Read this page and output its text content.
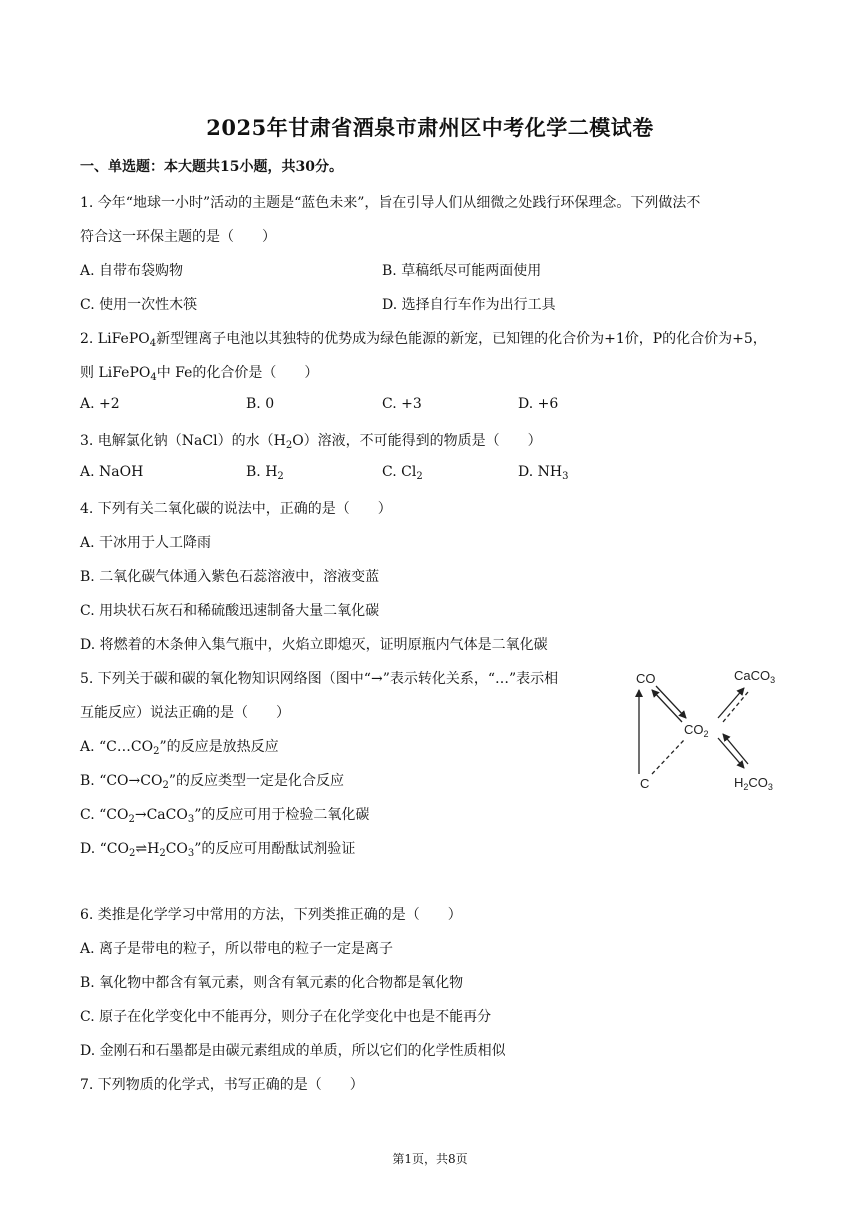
2025年甘肃省酒泉市肃州区中考化学二模试卷
一、单选题：本大题共15小题，共30分。
1. 今年“地球一小时”活动的主题是“蓝色未来”，旨在引导人们从细微之处践行环保理念。下列做法不
符合这一环保主题的是（　　）
A. 自带布袋购物	B. 草稿纸尽可能两面使用
C. 使用一次性木筷	D. 选择自行车作为出行工具
2. LiFePO$_4$新型锂离子电池以其独特的优势成为绿色能源的新宠，已知锂的化合价为+1价，P的化合价为+5，
则 LiFePO$_4$中 Fe的化合价是（　　）
A. +2	B. 0	C. +3	D. +6
3. 电解氯化钠（NaCl）的水$(H_2O)$溶液，不可能得到的物质是（　　）
A. NaOH	B. $H_2$	C. $Cl_2$	D. $NH_3$
4. 下列有关二氧化碳的说法中，正确的是（　　）
A. 干冰用于人工降雨
B. 二氧化碳气体通入紫色石蕊溶液中，溶液变蓝
C. 用块状石灰石和稀硫酸迅速制备大量二氧化碳
D. 将燃着的木条伸入集气瓶中，火焰立即熄灭，证明原瓶内气体是二氧化碳
5. 下列关于碳和碳的氧化物知识网络图（图中“→”表示转化关系，“…”表示相
互能反应）说法正确的是（　　）
A. “$C\dots CO_2$”的反应是放热反应
B. “$CO\to CO_2$”的反应类型一定是化合反应
C. “$CO_2\to CaCO_3$”的反应可用于检验二氧化碳
D. “$CO_2\rightleftharpoons H_2CO_3$”的反应可用酚酞试剂验证
CO	CaCO$_3$
$CO_2$
C	$H_2CO_3$
6. 类推是化学学习中常用的方法，下列类推正确的是（　　）
A. 离子是带电的粒子，所以带电的粒子一定是离子
B. 氧化物中都含有氧元素，则含有氧元素的化合物都是氧化物
C. 原子在化学变化中不能再分，则分子在化学变化中也是不能再分
D. 金刚石和石墨都是由碳元素组成的单质，所以它们的化学性质相似
7. 下列物质的化学式，书写正确的是（　　）
第1页，共8页
